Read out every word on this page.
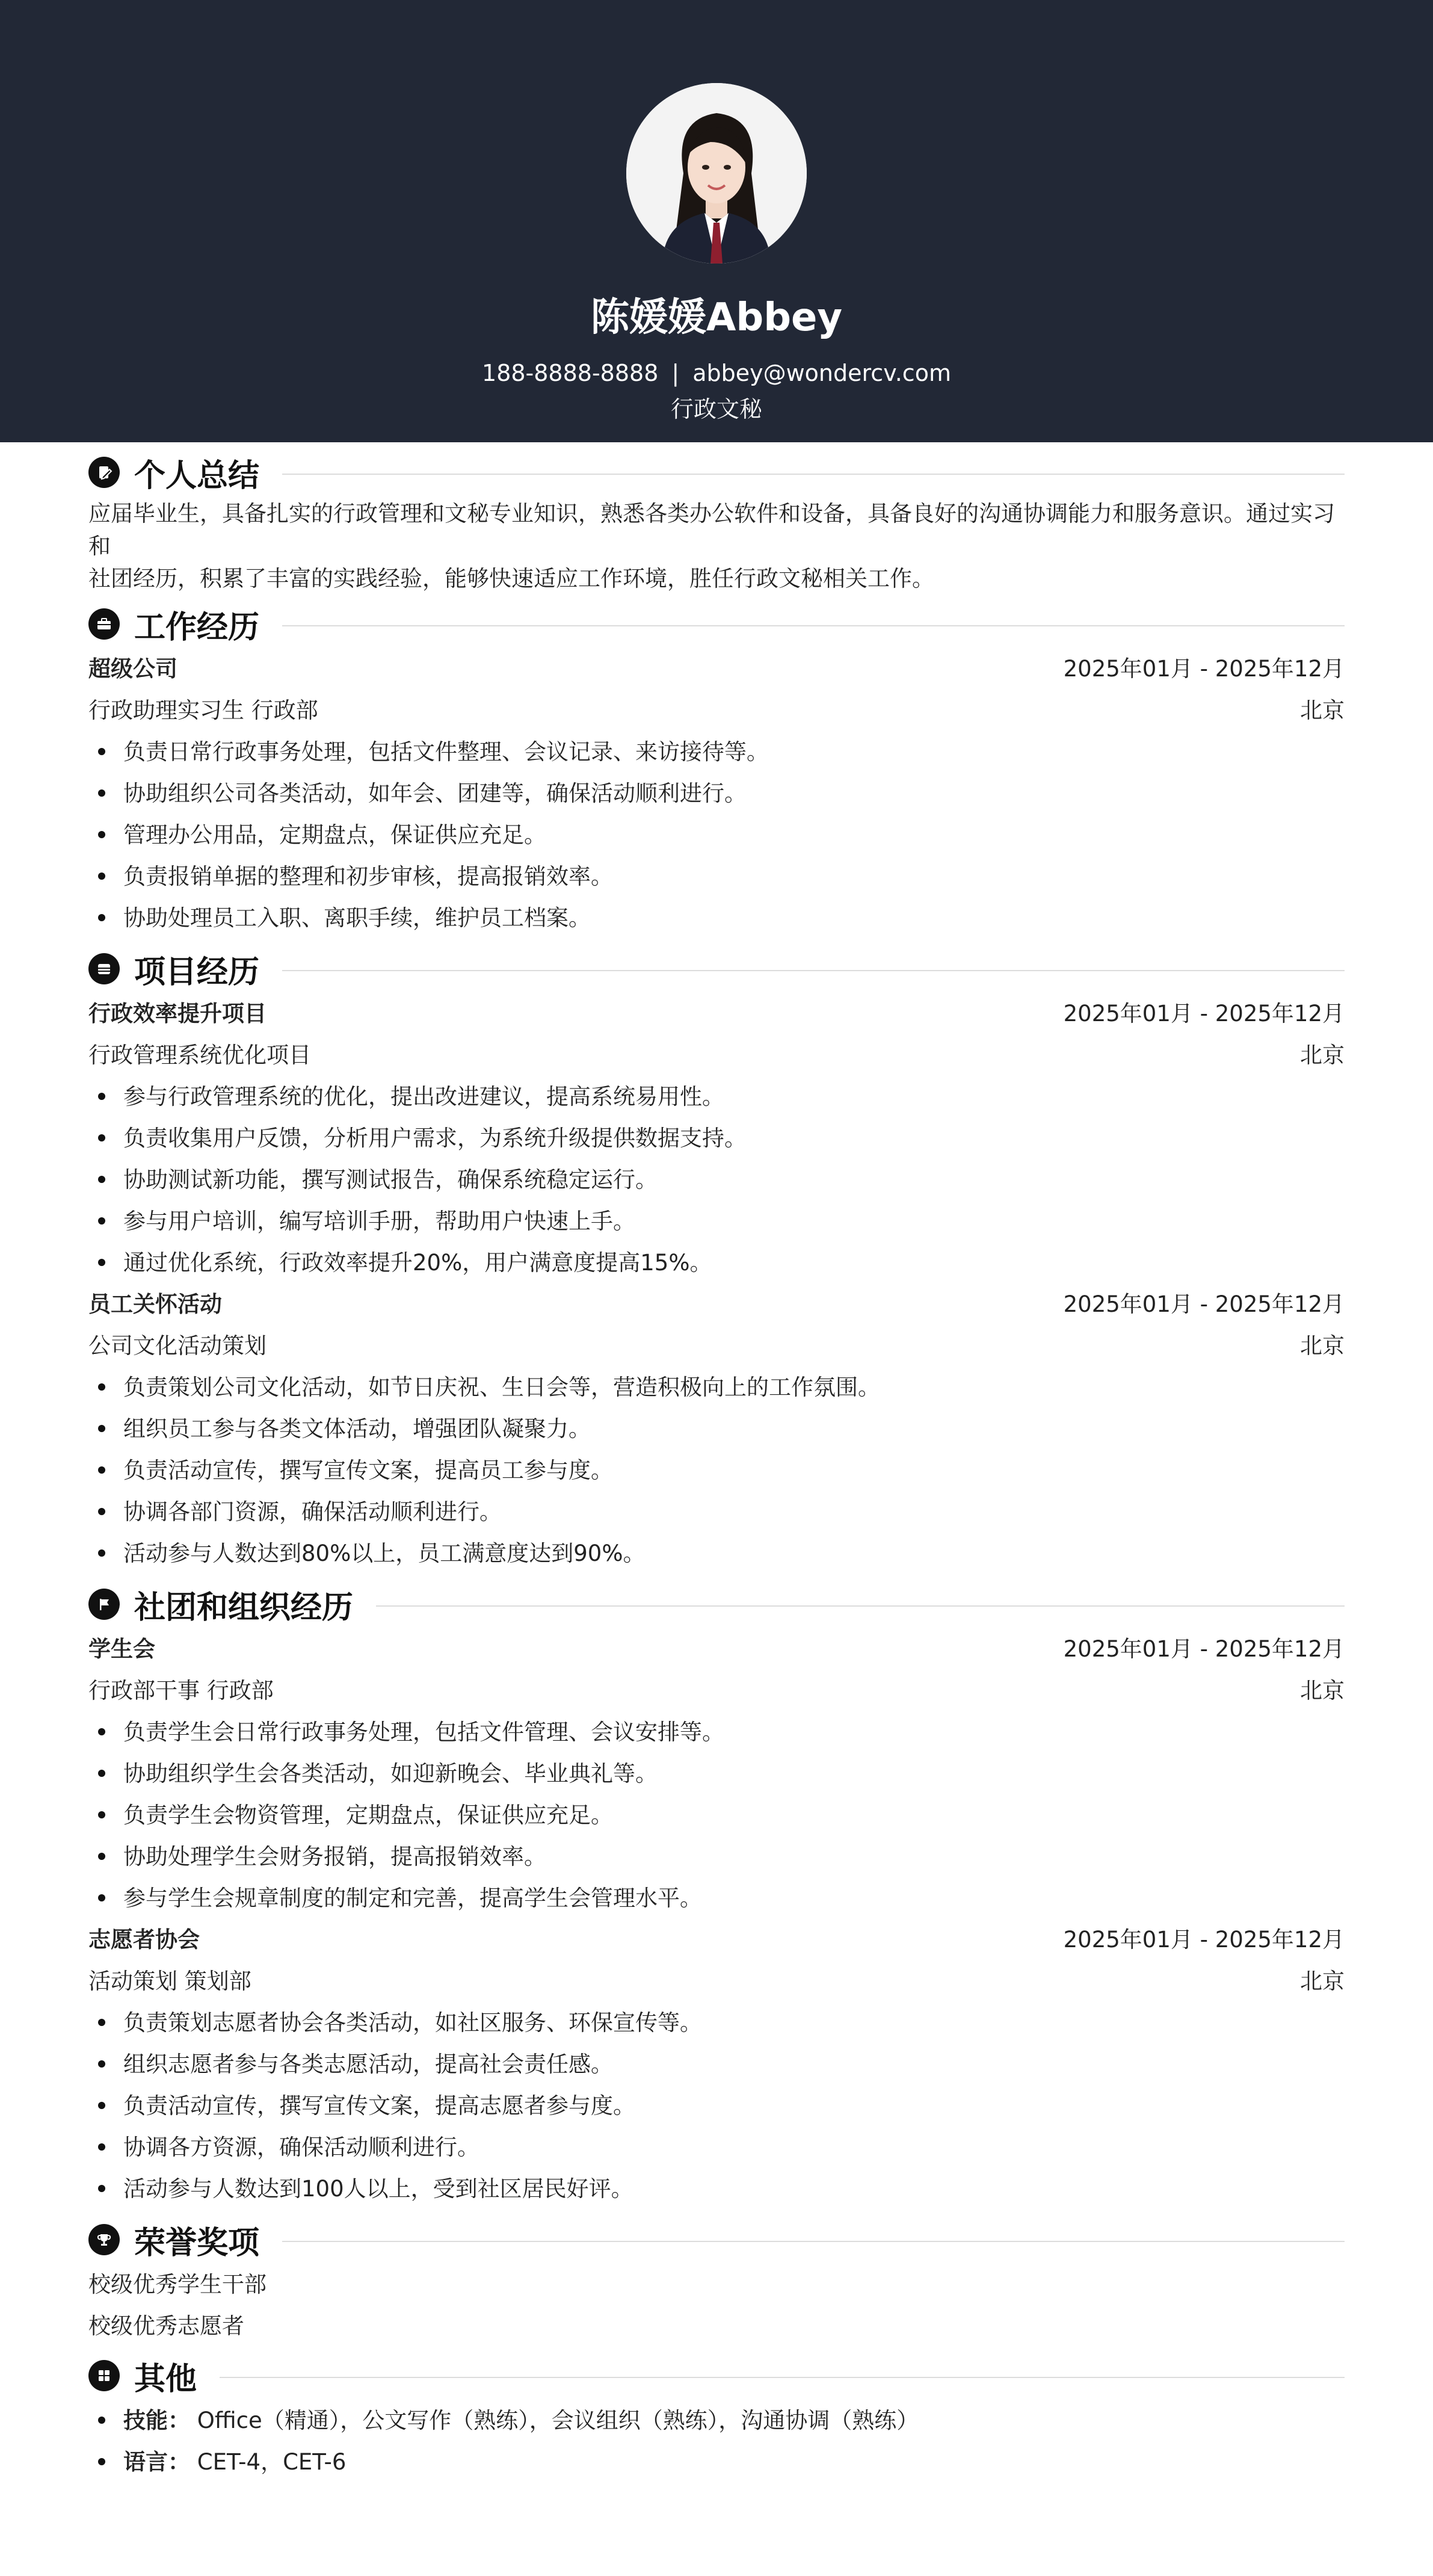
陈媛媛Abbey
188-8888-8888 | abbey@wondercv.com
行政文秘
个人总结
应届毕业生，具备扎实的行政管理和文秘专业知识，熟悉各类办公软件和设备，具备良好的沟通协调能力和服务意识。通过实习和
社团经历，积累了丰富的实践经验，能够快速适应工作环境，胜任行政文秘相关工作。
工作经历
超级公司	2025年01月 - 2025年12月
行政助理实习生 行政部	北京
负责日常行政事务处理，包括文件整理、会议记录、来访接待等。
协助组织公司各类活动，如年会、团建等，确保活动顺利进行。
管理办公用品，定期盘点，保证供应充足。
负责报销单据的整理和初步审核，提高报销效率。
协助处理员工入职、离职手续，维护员工档案。
项目经历
行政效率提升项目	2025年01月 - 2025年12月
行政管理系统优化项目	北京
参与行政管理系统的优化，提出改进建议，提高系统易用性。
负责收集用户反馈，分析用户需求，为系统升级提供数据支持。
协助测试新功能，撰写测试报告，确保系统稳定运行。
参与用户培训，编写培训手册，帮助用户快速上手。
通过优化系统，行政效率提升20%，用户满意度提高15%。
员工关怀活动	2025年01月 - 2025年12月
公司文化活动策划	北京
负责策划公司文化活动，如节日庆祝、生日会等，营造积极向上的工作氛围。
组织员工参与各类文体活动，增强团队凝聚力。
负责活动宣传，撰写宣传文案，提高员工参与度。
协调各部门资源，确保活动顺利进行。
活动参与人数达到80%以上，员工满意度达到90%。
社团和组织经历
学生会	2025年01月 - 2025年12月
行政部干事 行政部	北京
负责学生会日常行政事务处理，包括文件管理、会议安排等。
协助组织学生会各类活动，如迎新晚会、毕业典礼等。
负责学生会物资管理，定期盘点，保证供应充足。
协助处理学生会财务报销，提高报销效率。
参与学生会规章制度的制定和完善，提高学生会管理水平。
志愿者协会	2025年01月 - 2025年12月
活动策划 策划部	北京
负责策划志愿者协会各类活动，如社区服务、环保宣传等。
组织志愿者参与各类志愿活动，提高社会责任感。
负责活动宣传，撰写宣传文案，提高志愿者参与度。
协调各方资源，确保活动顺利进行。
活动参与人数达到100人以上，受到社区居民好评。
荣誉奖项
校级优秀学生干部
校级优秀志愿者
其他
技能： Office（精通），公文写作（熟练），会议组织（熟练），沟通协调（熟练）
语言： CET-4，CET-6
